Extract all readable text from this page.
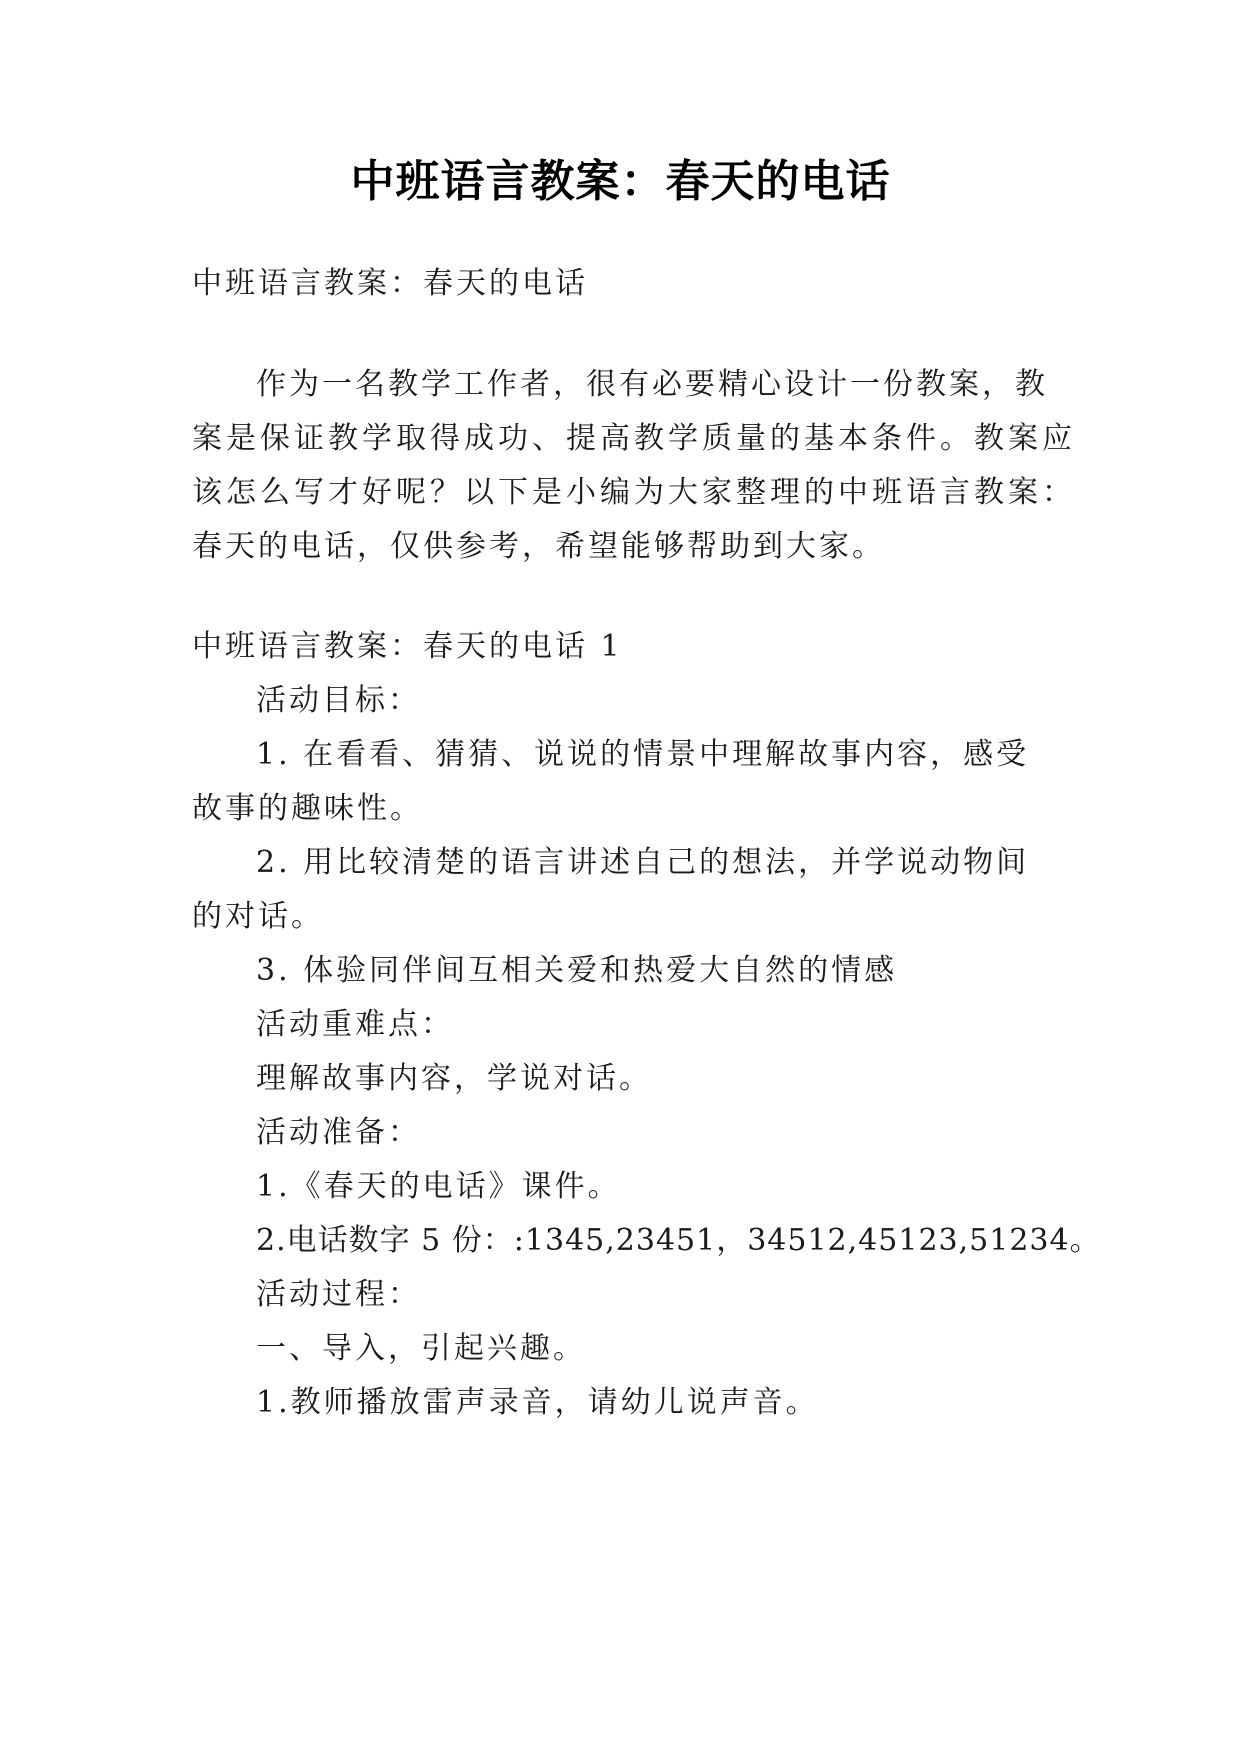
中班语言教案：春天的电话
中班语言教案：春天的电话
作为一名教学工作者，很有必要精心设计一份教案，教
案是保证教学取得成功、提高教学质量的基本条件。教案应
该怎么写才好呢？以下是小编为大家整理的中班语言教案：
春天的电话，仅供参考，希望能够帮助到大家。
中班语言教案：春天的电话 1
活动目标：
1. 在看看、猜猜、说说的情景中理解故事内容，感受
故事的趣味性。
2. 用比较清楚的语言讲述自己的想法，并学说动物间
的对话。
3. 体验同伴间互相关爱和热爱大自然的情感
活动重难点：
理解故事内容，学说对话。
活动准备：
1.《春天的电话》课件。
2.电话数字 5 份：:1345,23451，34512,45123,51234。
活动过程：
一、导入，引起兴趣。
1.教师播放雷声录音，请幼儿说声音。
